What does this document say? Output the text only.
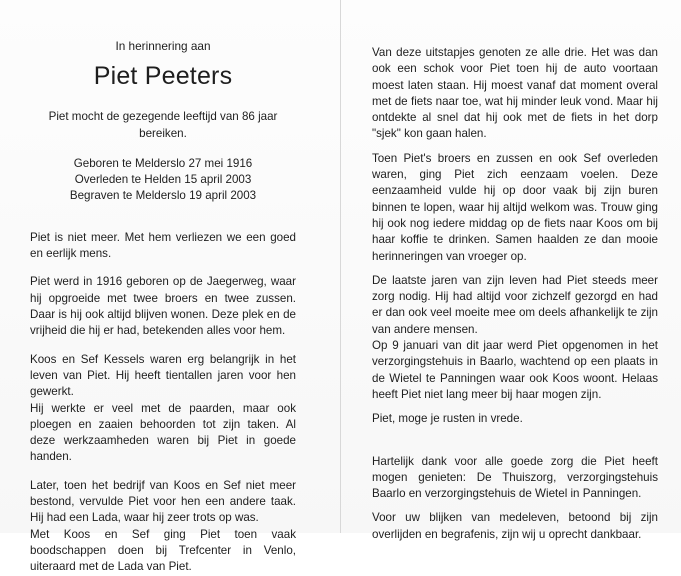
In herinnering aan
Piet Peeters
Piet mocht de gezegende leeftijd van 86 jaar bereiken.
Geboren te Melderslo 27 mei 1916
Overleden te Helden 15 april 2003
Begraven te Melderslo 19 april 2003

Piet is niet meer. Met hem verliezen we een goed en eerlijk mens.

Piet werd in 1916 geboren op de Jaegerweg, waar hij opgroeide met twee broers en twee zussen. Daar is hij ook altijd blijven wonen. Deze plek en de vrijheid die hij er had, betekenden alles voor hem.

Koos en Sef Kessels waren erg belangrijk in het leven van Piet. Hij heeft tientallen jaren voor hen gewerkt.
Hij werkte er veel met de paarden, maar ook ploegen en zaaien behoorden tot zijn taken. Al deze werkzaamheden waren bij Piet in goede handen.
Later, toen het bedrijf van Koos en Sef niet meer bestond, vervulde Piet voor hen een andere taak. Hij had een Lada, waar hij zeer trots op was.
Met Koos en Sef ging Piet toen vaak boodschappen doen bij Trefcenter in Venlo, uiteraard met de Lada van Piet.

Van deze uitstapjes genoten ze alle drie. Het was dan ook een schok voor Piet toen hij de auto voortaan moest laten staan. Hij moest vanaf dat moment overal met de fiets naar toe, wat hij minder leuk vond. Maar hij ontdekte al snel dat hij ook met de fiets in het dorp "sjek" kon gaan halen.

Toen Piet's broers en zussen en ook Sef overleden waren, ging Piet zich eenzaam voelen. Deze eenzaamheid vulde hij op door vaak bij zijn buren binnen te lopen, waar hij altijd welkom was. Trouw ging hij ook nog iedere middag op de fiets naar Koos om bij haar koffie te drinken. Samen haalden ze dan mooie herinneringen van vroeger op.

De laatste jaren van zijn leven had Piet steeds meer zorg nodig. Hij had altijd voor zichzelf gezorgd en had er dan ook veel moeite mee om deels afhankelijk te zijn van andere mensen.
Op 9 januari van dit jaar werd Piet opgenomen in het verzorgingstehuis in Baarlo, wachtend op een plaats in de Wietel te Panningen waar ook Koos woont. Helaas heeft Piet niet lang meer bij haar mogen zijn.

Piet, moge je rusten in vrede.

Hartelijk dank voor alle goede zorg die Piet heeft mogen genieten: De Thuiszorg, verzorgingstehuis Baarlo en verzorgingstehuis de Wietel in Panningen.

Voor uw blijken van medeleven, betoond bij zijn overlijden en begrafenis, zijn wij u oprecht dankbaar.
